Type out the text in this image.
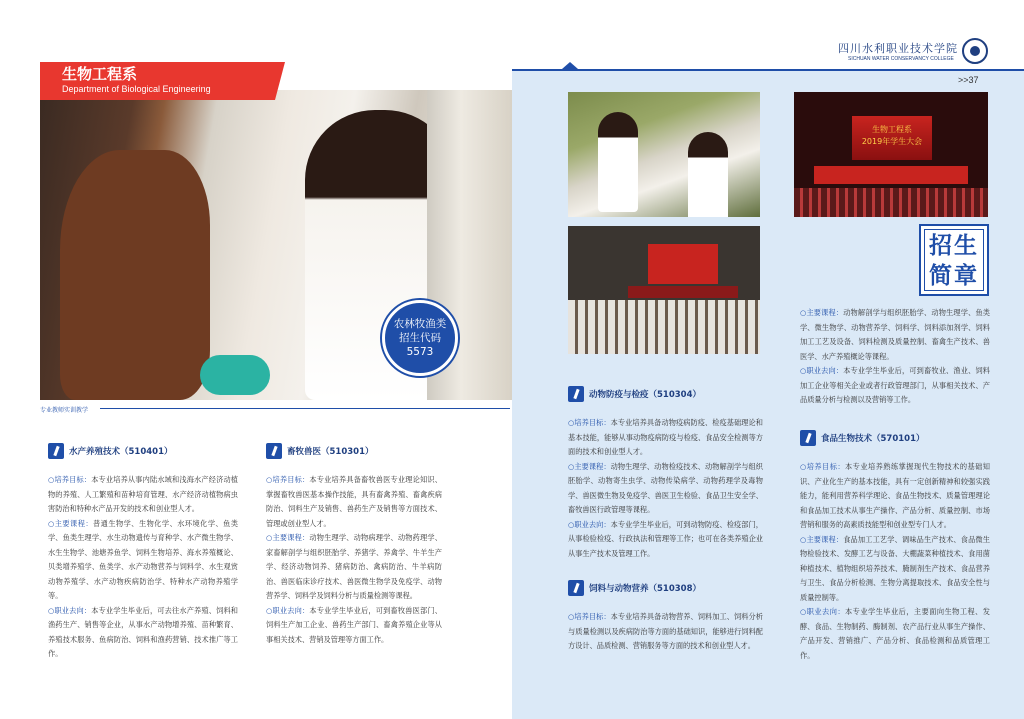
生物工程系
Department of Biological Engineering
农林牧渔类
招生代码
5573
专业教师实训教学
四川水利职业技术学院
SICHUAN WATER CONSERVANCY COLLEGE
>>37
生物工程系
2019年学生大会
招生
简章
水产养殖技术（510401）
○培养目标：本专业培养从事内陆水域和浅海水产经济动植物的养殖、人工繁殖和苗种培育管理、水产经济动植物病虫害防治和特种水产品开发的技术和创业型人才。
○主要课程：普通生物学、生物化学、水环境化学、鱼类学、鱼类生理学、水生动物遗传与育种学、水产微生物学、水生生物学、池塘养鱼学、饲料生物培养、海水养殖概论、贝类增养殖学、鱼类学、水产动物营养与饲料学、水生观赏动物养殖学、水产动物疾病防治学、特种水产动物养殖学等。
○职业去向：本专业学生毕业后，可去往水产养殖、饲料和渔药生产、销售等企业，从事水产动物增养殖、苗种繁育、养殖技术服务、鱼病防治、饲料和渔药营销、技术推广等工作。
畜牧兽医（510301）
○培养目标：本专业培养具备畜牧兽医专业理论知识、掌握畜牧兽医基本操作技能，具有畜禽养殖、畜禽疾病防治、饲料生产及销售、兽药生产及销售等方面技术、管理或创业型人才。
○主要课程：动物生理学、动物病理学、动物药理学、家畜解剖学与组织胚胎学、养猪学、养禽学、牛羊生产学、经济动物饲养、猪病防治、禽病防治、牛羊病防治、兽医临床诊疗技术、兽医微生物学及免疫学、动物营养学、饲料学及饲料分析与质量检测等课程。
○职业去向：本专业学生毕业后，可到畜牧兽医部门、饲料生产加工企业、兽药生产部门、畜禽养殖企业等从事相关技术、营销及管理等方面工作。
动物防疫与检疫（510304）
○培养目标：本专业培养具备动物疫病防疫、检疫基础理论和基本技能，能够从事动物疫病防疫与检疫、食品安全检测等方面的技术和创业型人才。
○主要课程：动物生理学、动物检疫技术、动物解剖学与组织胚胎学、动物寄生虫学、动物传染病学、动物药理学及毒物学、兽医微生物及免疫学、兽医卫生检验、食品卫生安全学、畜牧兽医行政管理等课程。
○职业去向：本专业学生毕业后，可到动物防疫、检疫部门，从事检验检疫、行政执法和管理等工作；也可在各类养殖企业从事生产技术及管理工作。
饲料与动物营养（510308）
○培养目标：本专业培养具备动物营养、饲料加工、饲料分析与质量检测以及疾病防治等方面的基础知识，能够进行饲料配方设计、品质检测、营销服务等方面的技术和创业型人才。
○主要课程：动物解剖学与组织胚胎学、动物生理学、鱼类学、微生物学、动物营养学、饲料学、饲料添加剂学、饲料加工工艺及设备、饲料检测及质量控制、畜禽生产技术、兽医学、水产养殖概论等课程。
○职业去向：本专业学生毕业后，可到畜牧业、渔业、饲料加工企业等相关企业或者行政管理部门，从事相关技术、产品质量分析与检测以及营销等工作。
食品生物技术（570101）
○培养目标：本专业培养熟练掌握现代生物技术的基础知识、产业化生产的基本技能，具有一定创新精神和较强实践能力，能利用营养科学理论、食品生物技术、质量管理理论和食品加工技术从事生产操作、产品分析、质量控制、市场营销和服务的高素质技能型和创业型专门人才。
○主要课程：食品加工工艺学、调味品生产技术、食品微生物检验技术、发酵工艺与设备、大棚蔬菜种植技术、食用菌种植技术、植物组织培养技术、腌制剂生产技术、食品营养与卫生、食品分析检测、生物分离提取技术、食品安全性与质量控制等。
○职业去向：本专业学生毕业后，主要面向生物工程、发酵、食品、生物制药、酶制剂、农产品行业从事生产操作、产品开发、营销推广、产品分析、食品检测和品质管理工作。
